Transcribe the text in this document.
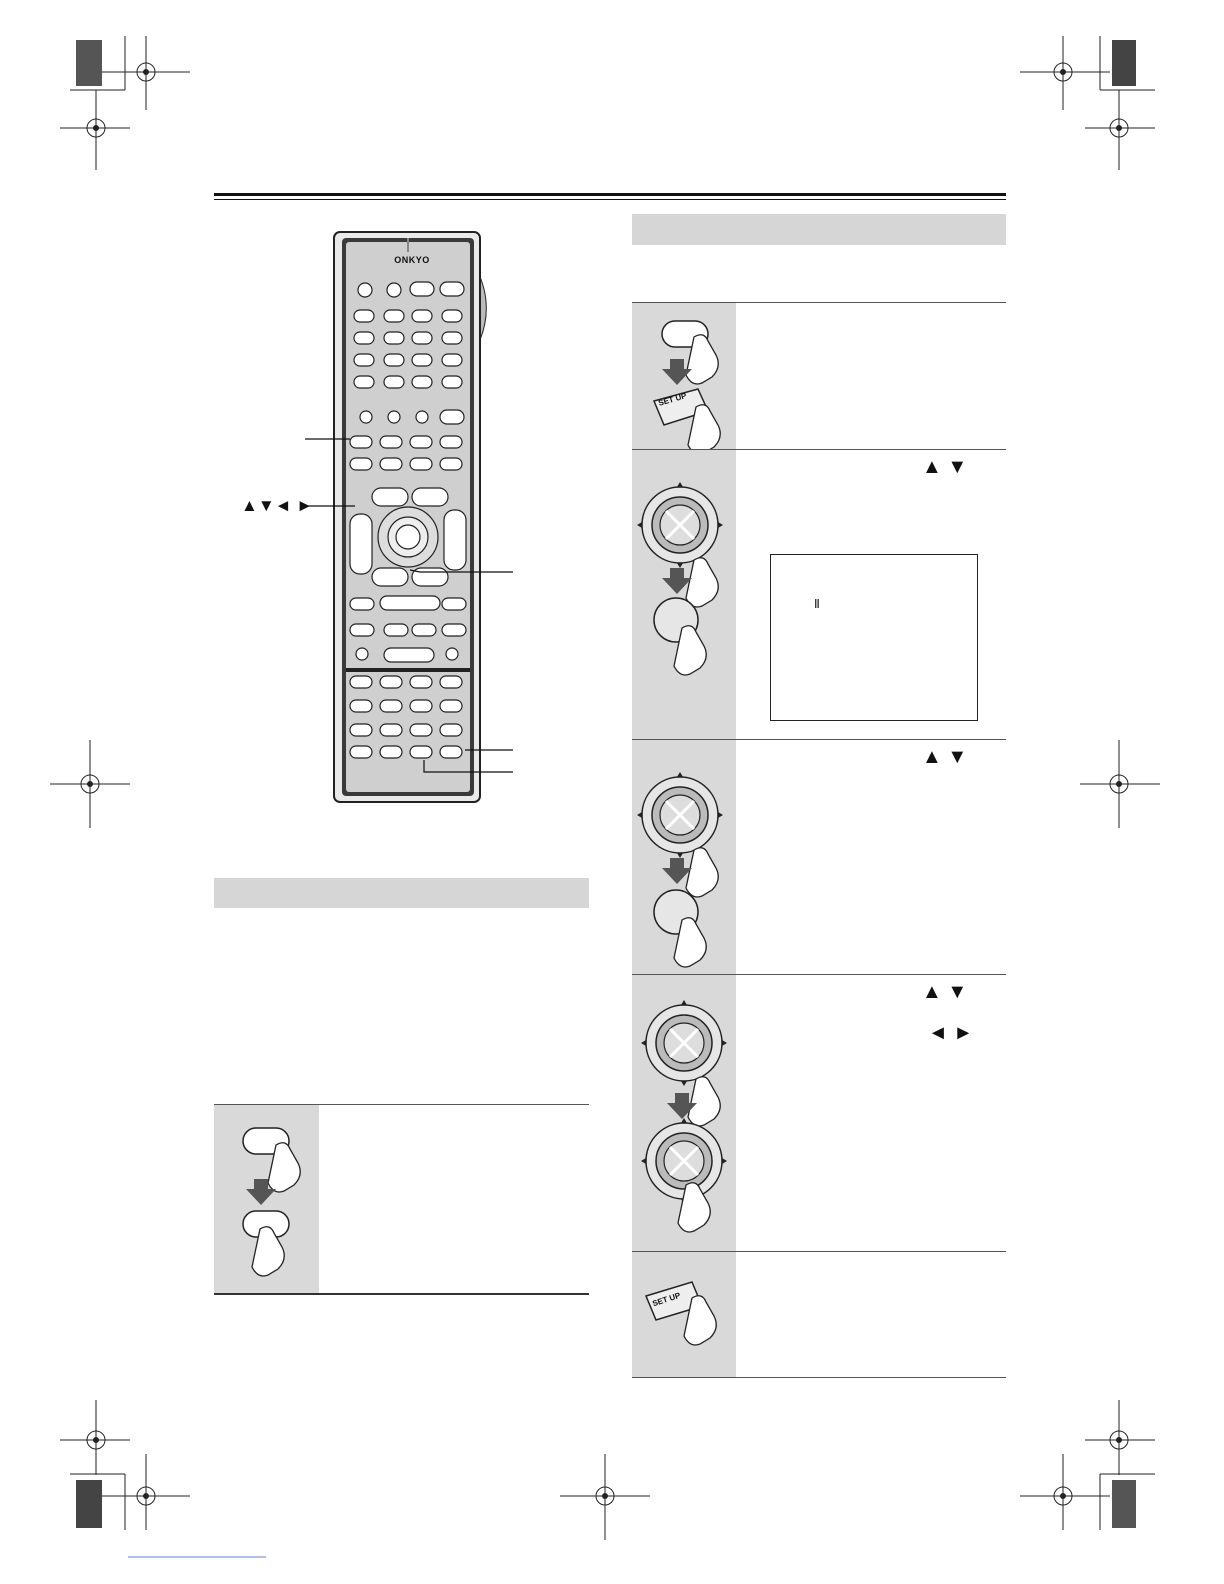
ONKYO
▲▼◄ ►
SET UP
▲ ▼
Ⅱ
▲ ▼
▲ ▼
◄ ►
SET UP
